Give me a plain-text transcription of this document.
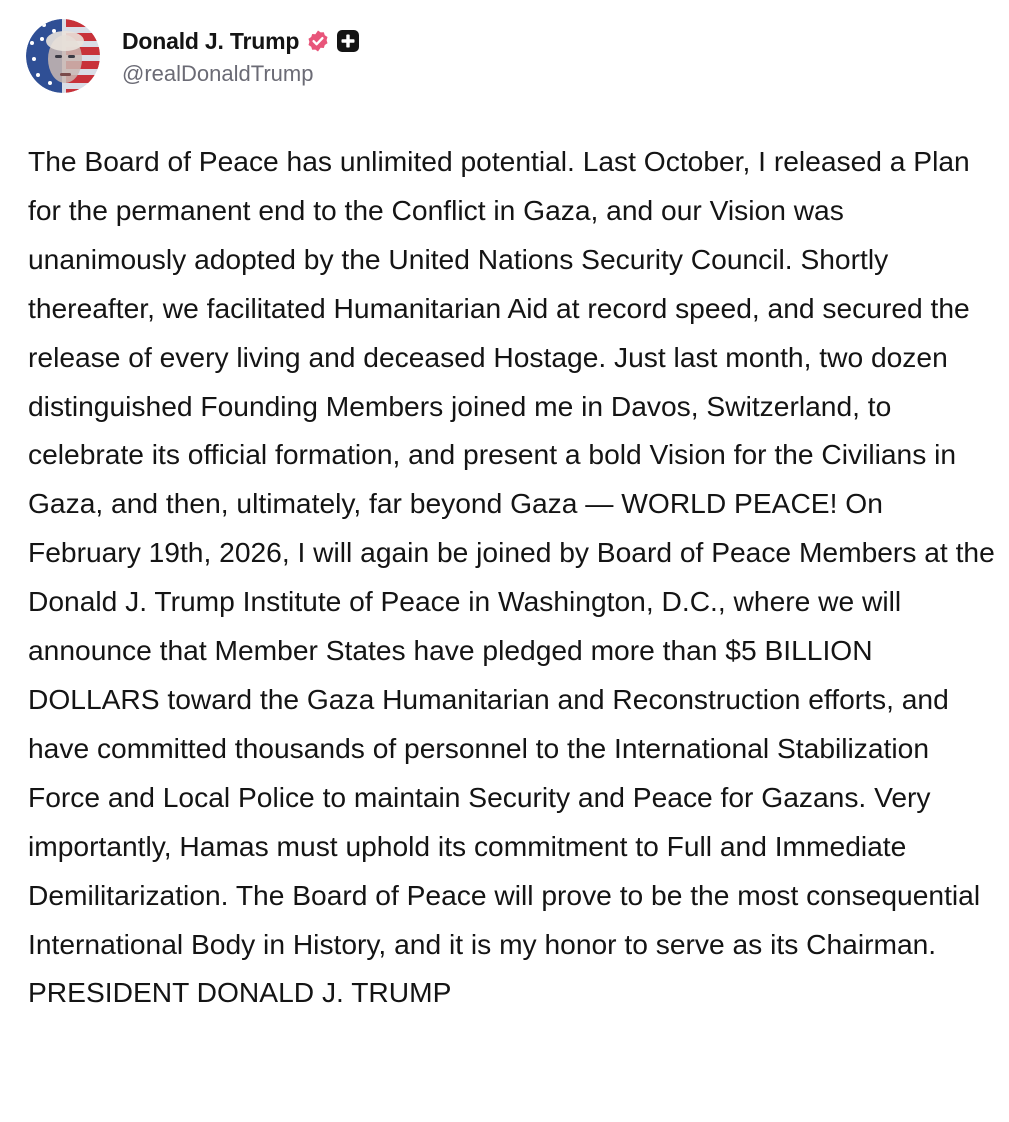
Donald J. Trump
@realDonaldTrump

The Board of Peace has unlimited potential. Last October, I released a Plan for the permanent end to the Conflict in Gaza, and our Vision was unanimously adopted by the United Nations Security Council. Shortly thereafter, we facilitated Humanitarian Aid at record speed, and secured the release of every living and deceased Hostage. Just last month, two dozen distinguished Founding Members joined me in Davos, Switzerland, to celebrate its official formation, and present a bold Vision for the Civilians in Gaza, and then, ultimately, far beyond Gaza — WORLD PEACE! On February 19th, 2026, I will again be joined by Board of Peace Members at the Donald J. Trump Institute of Peace in Washington, D.C., where we will announce that Member States have pledged more than $5 BILLION DOLLARS toward the Gaza Humanitarian and Reconstruction efforts, and have committed thousands of personnel to the International Stabilization Force and Local Police to maintain Security and Peace for Gazans. Very importantly, Hamas must uphold its commitment to Full and Immediate Demilitarization. The Board of Peace will prove to be the most consequential International Body in History, and it is my honor to serve as its Chairman. PRESIDENT DONALD J. TRUMP
